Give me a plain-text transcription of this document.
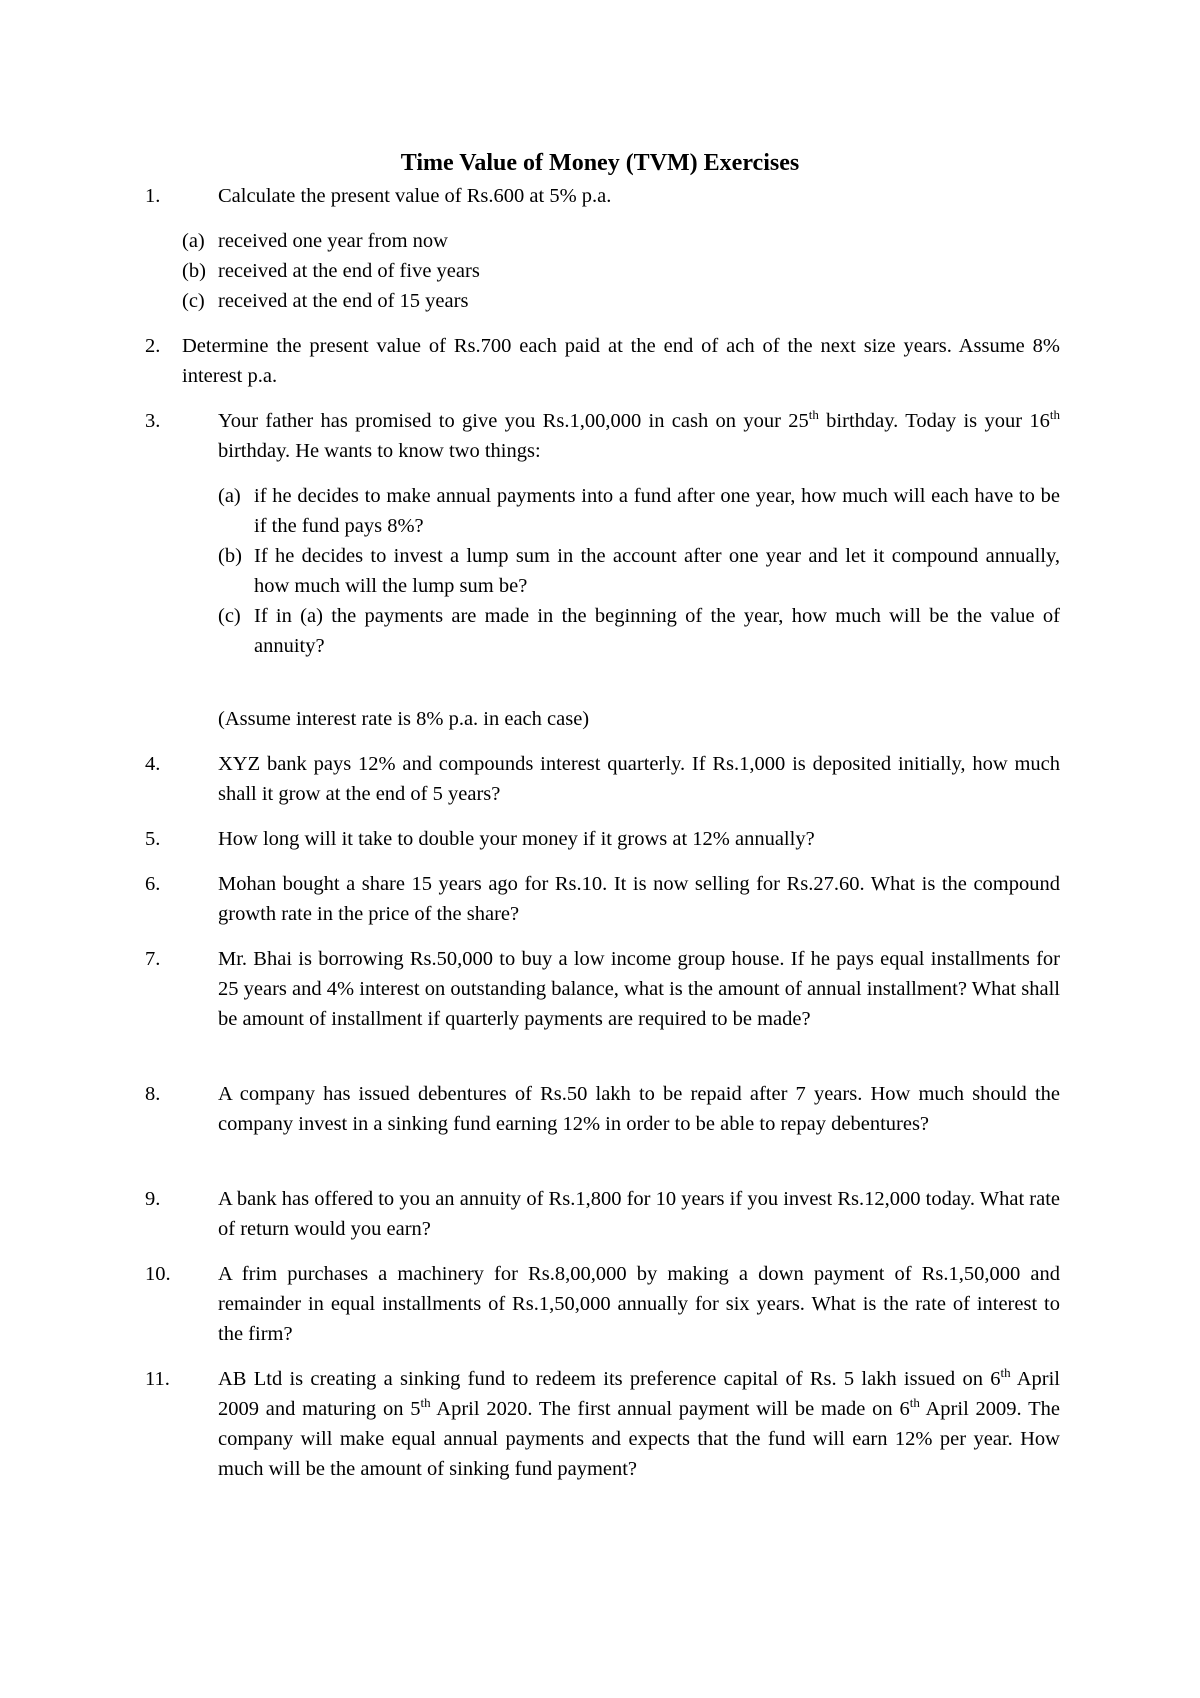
Time Value of Money (TVM) Exercises
1.	Calculate the present value of Rs.600 at 5% p.a.
(a) received one year from now
(b) received at the end of five years
(c) received at the end of 15 years
2. Determine the present value of Rs.700 each paid at the end of ach of the next size years. Assume 8% interest p.a.
3.	Your father has promised to give you Rs.1,00,000 in cash on your 25th birthday. Today is your 16th birthday. He wants to know two things:
(a) if he decides to make annual payments into a fund after one year, how much will each have to be if the fund pays 8%?
(b) If he decides to invest a lump sum in the account after one year and let it compound annually, how much will the lump sum be?
(c) If in (a) the payments are made in the beginning of the year, how much will be the value of annuity?
(Assume interest rate is 8% p.a. in each case)
4.	XYZ bank pays 12% and compounds interest quarterly. If Rs.1,000 is deposited initially, how much shall it grow at the end of 5 years?
5.	How long will it take to double your money if it grows at 12% annually?
6.	Mohan bought a share 15 years ago for Rs.10. It is now selling for Rs.27.60. What is the compound growth rate in the price of the share?
7.	Mr. Bhai is borrowing Rs.50,000 to buy a low income group house. If he pays equal installments for 25 years and 4% interest on outstanding balance, what is the amount of annual installment? What shall be amount of installment if quarterly payments are required to be made?
8.	A company has issued debentures of Rs.50 lakh to be repaid after 7 years. How much should the company invest in a sinking fund earning 12% in order to be able to repay debentures?
9.	A bank has offered to you an annuity of Rs.1,800 for 10 years if you invest Rs.12,000 today. What rate of return would you earn?
10. A frim purchases a machinery for Rs.8,00,000 by making a down payment of Rs.1,50,000 and remainder in equal installments of Rs.1,50,000 annually for six years. What is the rate of interest to the firm?
11. AB Ltd is creating a sinking fund to redeem its preference capital of Rs. 5 lakh issued on 6th April 2009 and maturing on 5th April 2020. The first annual payment will be made on 6th April 2009. The company will make equal annual payments and expects that the fund will earn 12% per year. How much will be the amount of sinking fund payment?
